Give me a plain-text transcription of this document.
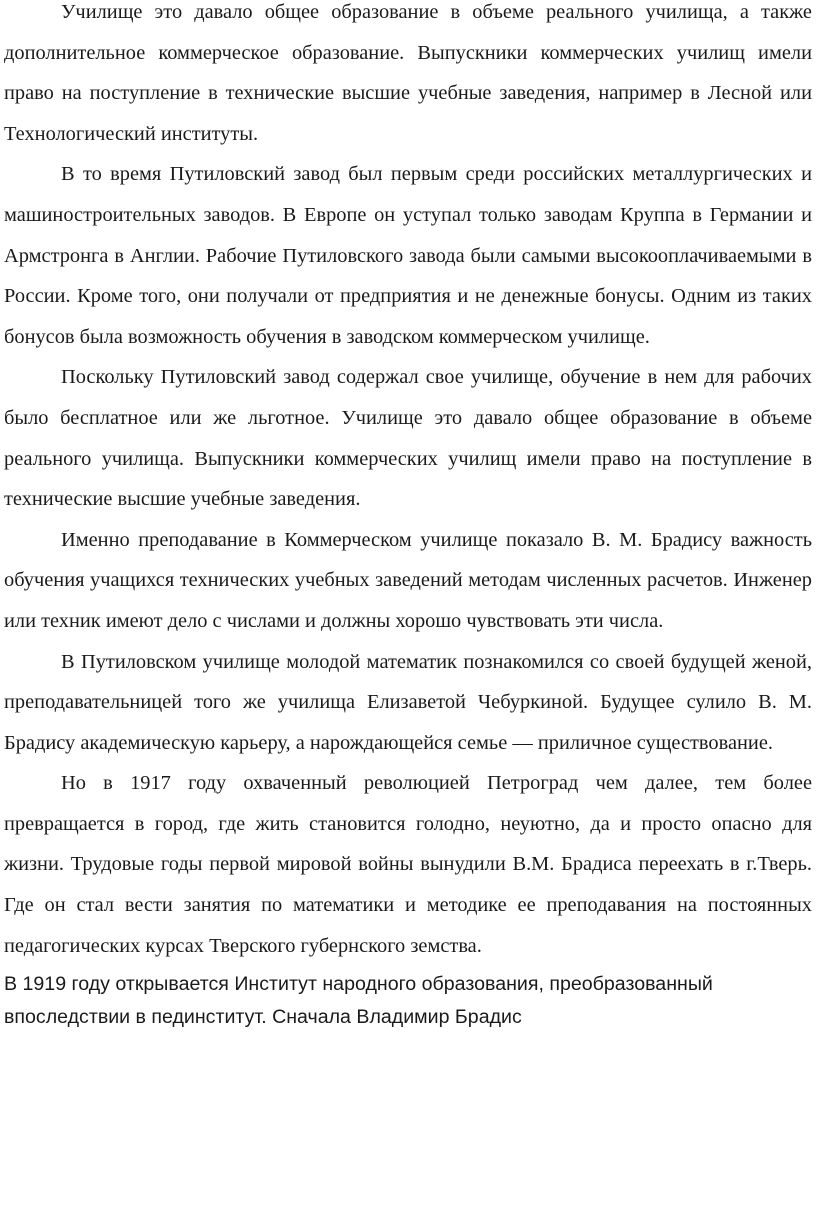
Училище это давало общее образование в объеме реального училища, а также дополнительное коммерческое образование. Выпускники коммерческих училищ имели право на поступление в технические высшие учебные заведения, например в Лесной или Технологический институты.

В то время Путиловский завод был первым среди российских металлургических и машиностроительных заводов. В Европе он уступал только заводам Круппа в Германии и Армстронга в Англии. Рабочие Путиловского завода были самыми высокооплачиваемыми в России. Кроме того, они получали от предприятия и не денежные бонусы. Одним из таких бонусов была возможность обучения в заводском коммерческом училище.

Поскольку Путиловский завод содержал свое училище, обучение в нем для рабочих было бесплатное или же льготное. Училище это давало общее образование в объеме реального училища. Выпускники коммерческих училищ имели право на поступление в технические высшие учебные заведения.

Именно преподавание в Коммерческом училище показало В. М. Брадису важность обучения учащихся технических учебных заведений методам численных расчетов. Инженер или техник имеют дело с числами и должны хорошо чувствовать эти числа.

В Путиловском училище молодой математик познакомился со своей будущей женой, преподавательницей того же училища Елизаветой Чебуркиной. Будущее сулило В. М. Брадису академическую карьеру, а нарождающейся семье — приличное существование.

Но в 1917 году охваченный революцией Петроград чем далее, тем более превращается в город, где жить становится голодно, неуютно, да и просто опасно для жизни. Трудовые годы первой мировой войны вынудили В.М. Брадиса переехать в г.Тверь. Где он стал вести занятия по математики и методике ее преподавания на постоянных педагогических курсах Тверского губернского земства.

В 1919 году открывается Институт народного образования, преобразованный впоследствии в пединститут. Сначала Владимир Брадис
